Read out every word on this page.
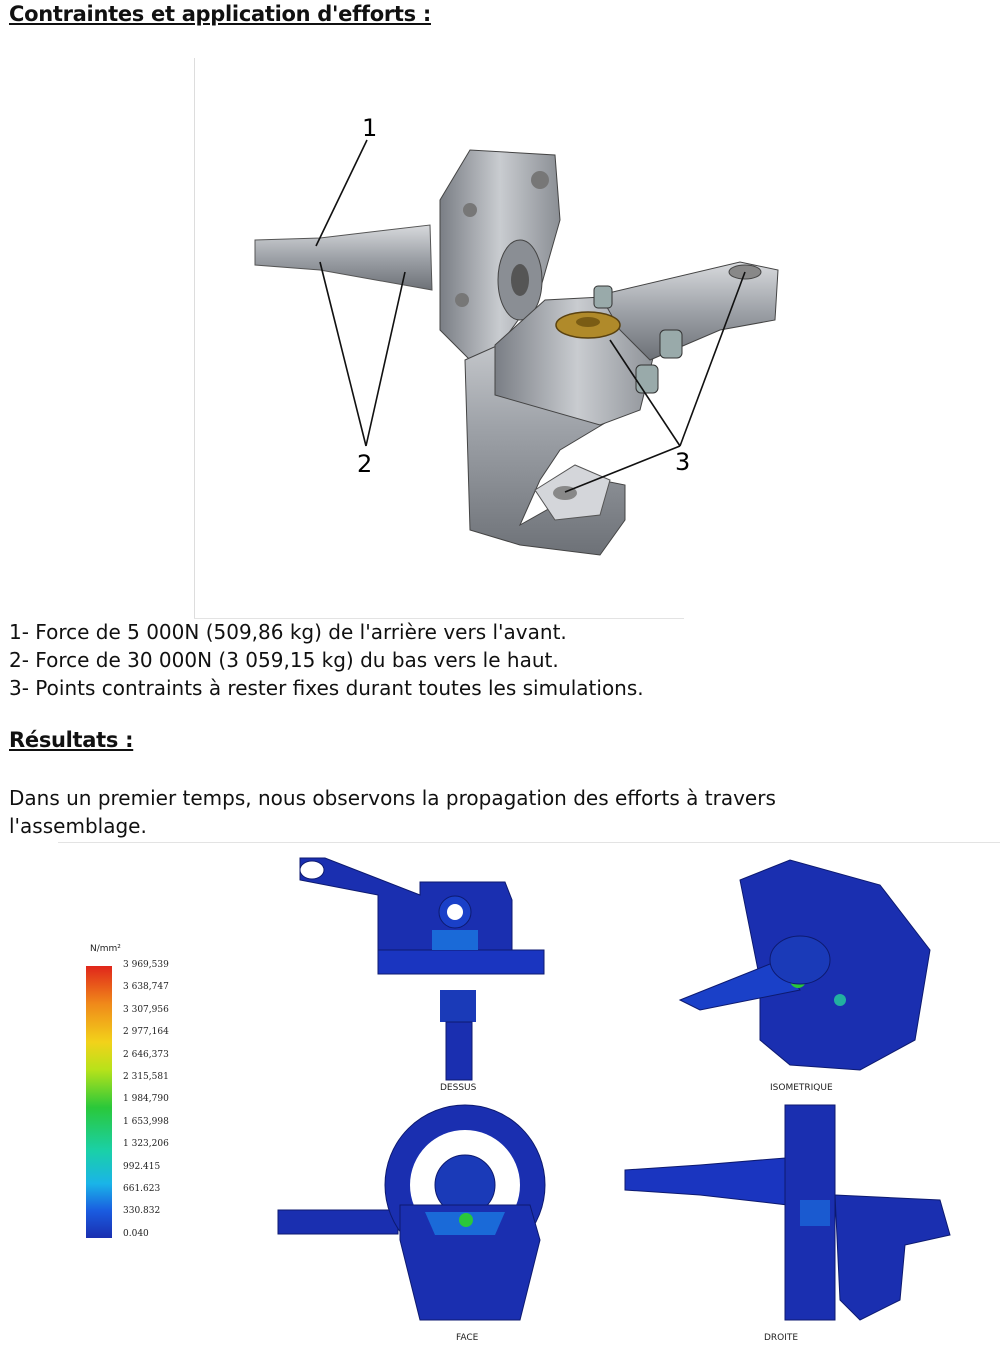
Contraintes et application d'efforts :
1
2	3
1- Force de 5 000N (509,86 kg) de l'arrière vers l'avant.
2- Force de 30 000N (3 059,15 kg) du bas vers le haut.
3- Points contraints à rester fixes durant toutes les simulations.
Résultats :
Dans un premier temps, nous observons la propagation des efforts à travers
l'assemblage.
N/mm²
3 969,539
3 638,747
3 307,956
2 977,164
2 646,373
2 315,581
1 984,790
1 653,998
1 323,206
992.415
661.623
330.832
0.040
DESSUS	ISOMETRIQUE
FACE	DROITE
